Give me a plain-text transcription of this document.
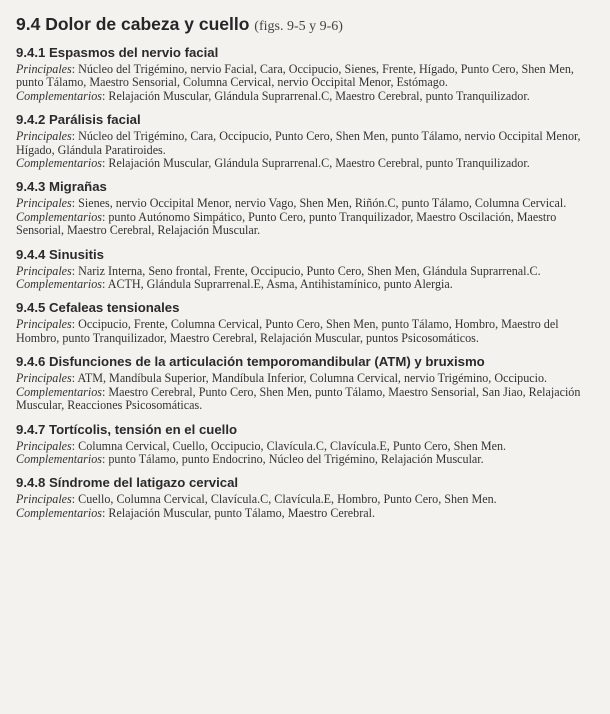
9.4 Dolor de cabeza y cuello (figs. 9-5 y 9-6)
9.4.1 Espasmos del nervio facial

Principales: Núcleo del Trigémino, nervio Facial, Cara, Occipucio, Sienes, Frente, Hígado, Punto Cero, Shen Men, punto Tálamo, Maestro Sensorial, Columna Cervical, nervio Occipital Menor, Estómago.

Complementarios: Relajación Muscular, Glándula Suprarrenal.C, Maestro Cerebral, punto Tranquilizador.

9.4.2 Parálisis facial

Principales: Núcleo del Trigémino, Cara, Occipucio, Punto Cero, Shen Men, punto Tálamo, nervio Occipital Menor, Hígado, Glándula Paratiroides.

Complementarios: Relajación Muscular, Glándula Suprarrenal.C, Maestro Cerebral, punto Tranquilizador.

9.4.3 Migrañas

Principales: Sienes, nervio Occipital Menor, nervio Vago, Shen Men, Riñón.C, punto Tálamo, Columna Cervical.

Complementarios: punto Autónomo Simpático, Punto Cero, punto Tranquilizador, Maestro Oscilación, Maestro Sensorial, Maestro Cerebral, Relajación Muscular.

9.4.4 Sinusitis

Principales: Nariz Interna, Seno frontal, Frente, Occipucio, Punto Cero, Shen Men, Glándula Suprarrenal.C.

Complementarios: ACTH, Glándula Suprarrenal.E, Asma, Antihistamínico, punto Alergia.

9.4.5 Cefaleas tensionales

Principales: Occipucio, Frente, Columna Cervical, Punto Cero, Shen Men, punto Tálamo, Hombro, Maestro del Hombro, punto Tranquilizador, Maestro Cerebral, Relajación Muscular, puntos Psicosomáticos.

9.4.6 Disfunciones de la articulación temporomandibular (ATM) y bruxismo

Principales: ATM, Mandíbula Superior, Mandíbula Inferior, Columna Cervical, nervio Trigémino, Occipucio.

Complementarios: Maestro Cerebral, Punto Cero, Shen Men, punto Tálamo, Maestro Sensorial, San Jiao, Relajación Muscular, Reacciones Psicosomáticas.

9.4.7 Tortícolis, tensión en el cuello

Principales: Columna Cervical, Cuello, Occipucio, Clavícula.C, Clavícula.E, Punto Cero, Shen Men.

Complementarios: punto Tálamo, punto Endocrino, Núcleo del Trigémino, Relajación Muscular.

9.4.8 Síndrome del latigazo cervical

Principales: Cuello, Columna Cervical, Clavícula.C, Clavícula.E, Hombro, Punto Cero, Shen Men.

Complementarios: Relajación Muscular, punto Tálamo, Maestro Cerebral.
